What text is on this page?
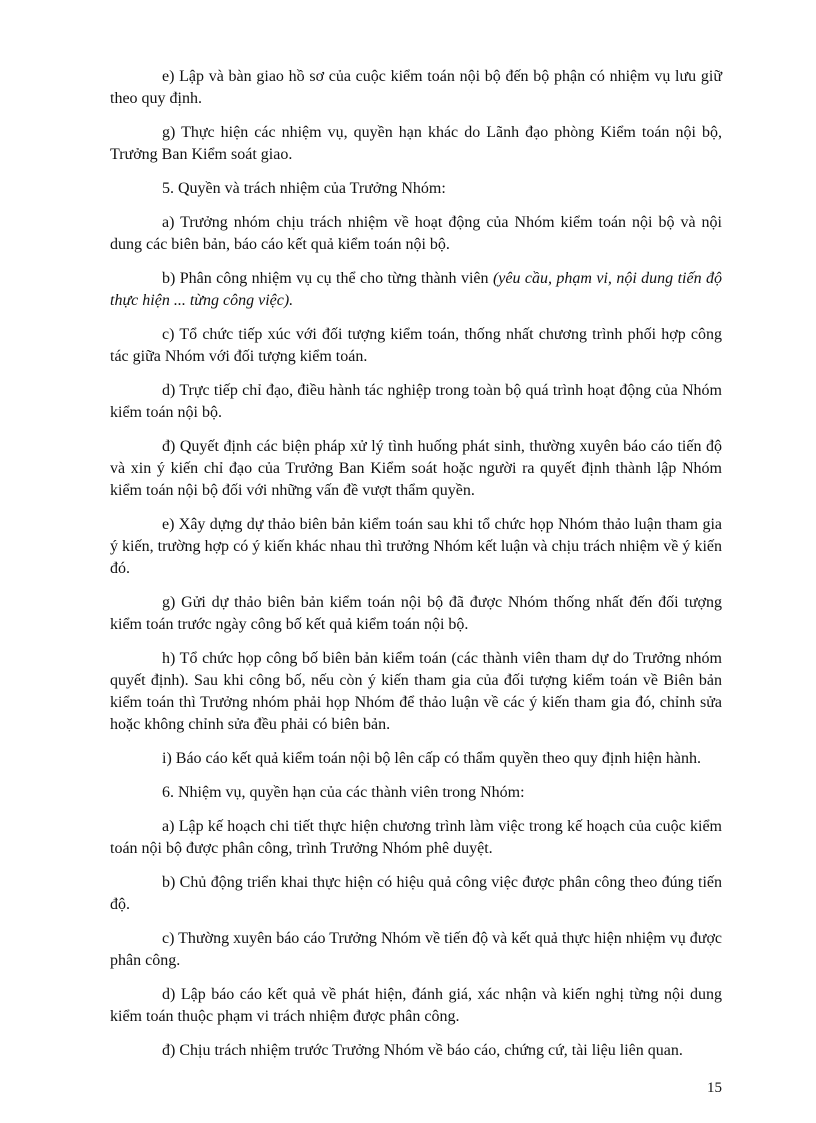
e) Lập và bàn giao hồ sơ của cuộc kiểm toán nội bộ đến bộ phận có nhiệm vụ lưu giữ theo quy định.

g) Thực hiện các nhiệm vụ, quyền hạn khác do Lãnh đạo phòng Kiểm toán nội bộ, Trưởng Ban Kiểm soát giao.

5. Quyền và trách nhiệm của Trưởng Nhóm:

a) Trưởng nhóm chịu trách nhiệm về hoạt động của Nhóm kiểm toán nội bộ và nội dung các biên bản, báo cáo kết quả kiểm toán nội bộ.

b) Phân công nhiệm vụ cụ thể cho từng thành viên (yêu cầu, phạm vi, nội dung tiến độ thực hiện ... từng công việc).

c) Tổ chức tiếp xúc với đối tượng kiểm toán, thống nhất chương trình phối hợp công tác giữa Nhóm với đối tượng kiểm toán.

d) Trực tiếp chỉ đạo, điều hành tác nghiệp trong toàn bộ quá trình hoạt động của Nhóm kiểm toán nội bộ.

đ) Quyết định các biện pháp xử lý tình huống phát sinh, thường xuyên báo cáo tiến độ và xin ý kiến chỉ đạo của Trưởng Ban Kiểm soát hoặc người ra quyết định thành lập Nhóm kiểm toán nội bộ đối với những vấn đề vượt thẩm quyền.

e) Xây dựng dự thảo biên bản kiểm toán sau khi tổ chức họp Nhóm thảo luận tham gia ý kiến, trường hợp có ý kiến khác nhau thì trưởng Nhóm kết luận và chịu trách nhiệm về ý kiến đó.

g) Gửi dự thảo biên bản kiểm toán nội bộ đã được Nhóm thống nhất đến đối tượng kiểm toán trước ngày công bố kết quả kiểm toán nội bộ.

h) Tổ chức họp công bố biên bản kiểm toán (các thành viên tham dự do Trưởng nhóm quyết định). Sau khi công bố, nếu còn ý kiến tham gia của đối tượng kiểm toán về Biên bản kiểm toán thì Trưởng nhóm phải họp Nhóm để thảo luận về các ý kiến tham gia đó, chỉnh sửa hoặc không chỉnh sửa đều phải có biên bản.

i) Báo cáo kết quả kiểm toán nội bộ lên cấp có thẩm quyền theo quy định hiện hành.

6. Nhiệm vụ, quyền hạn của các thành viên trong Nhóm:

a) Lập kế hoạch chi tiết thực hiện chương trình làm việc trong kế hoạch của cuộc kiểm toán nội bộ được phân công, trình Trưởng Nhóm phê duyệt.

b) Chủ động triển khai thực hiện có hiệu quả công việc được phân công theo đúng tiến độ.

c) Thường xuyên báo cáo Trưởng Nhóm về tiến độ và kết quả thực hiện nhiệm vụ được phân công.

d) Lập báo cáo kết quả về phát hiện, đánh giá, xác nhận và kiến nghị từng nội dung kiểm toán thuộc phạm vi trách nhiệm được phân công.

đ) Chịu trách nhiệm trước Trưởng Nhóm về báo cáo, chứng cứ, tài liệu liên quan.

15
